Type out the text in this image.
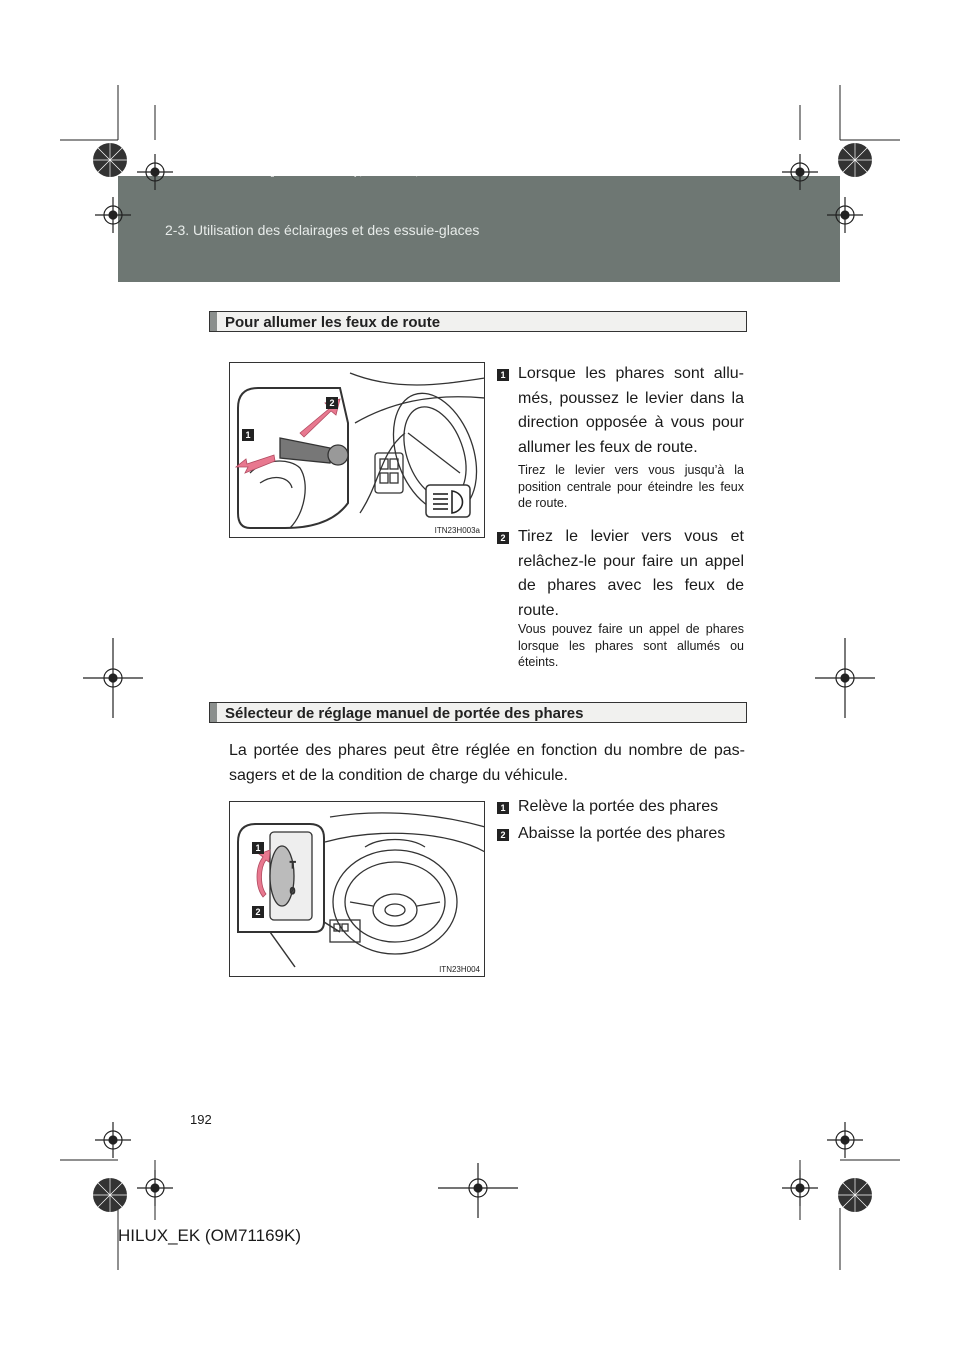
HILUX_EK.book Page 192 Wednesday, March 23, 2011 3:03 PM
2-3. Utilisation des éclairages et des essuie-glaces
Pour allumer les feux de route
2
1
ITN23H003a
1 Lorsque les phares sont allu-més, poussez le levier dans la direction opposée à vous pour allumer les feux de route.
Tirez le levier vers vous jusqu’à la position centrale pour éteindre les feux de route.
2 Tirez le levier vers vous et relâchez-le pour faire un appel de phares avec les feux de route.
Vous pouvez faire un appel de phares lorsque les phares sont allumés ou éteints.
Sélecteur de réglage manuel de portée des phares
La portée des phares peut être réglée en fonction du nombre de pas-sagers et de la condition de charge du véhicule.
T
0
1
2
ITN23H004
1 Relève la portée des phares
2 Abaisse la portée des phares
192
HILUX_EK (OM71169K)
